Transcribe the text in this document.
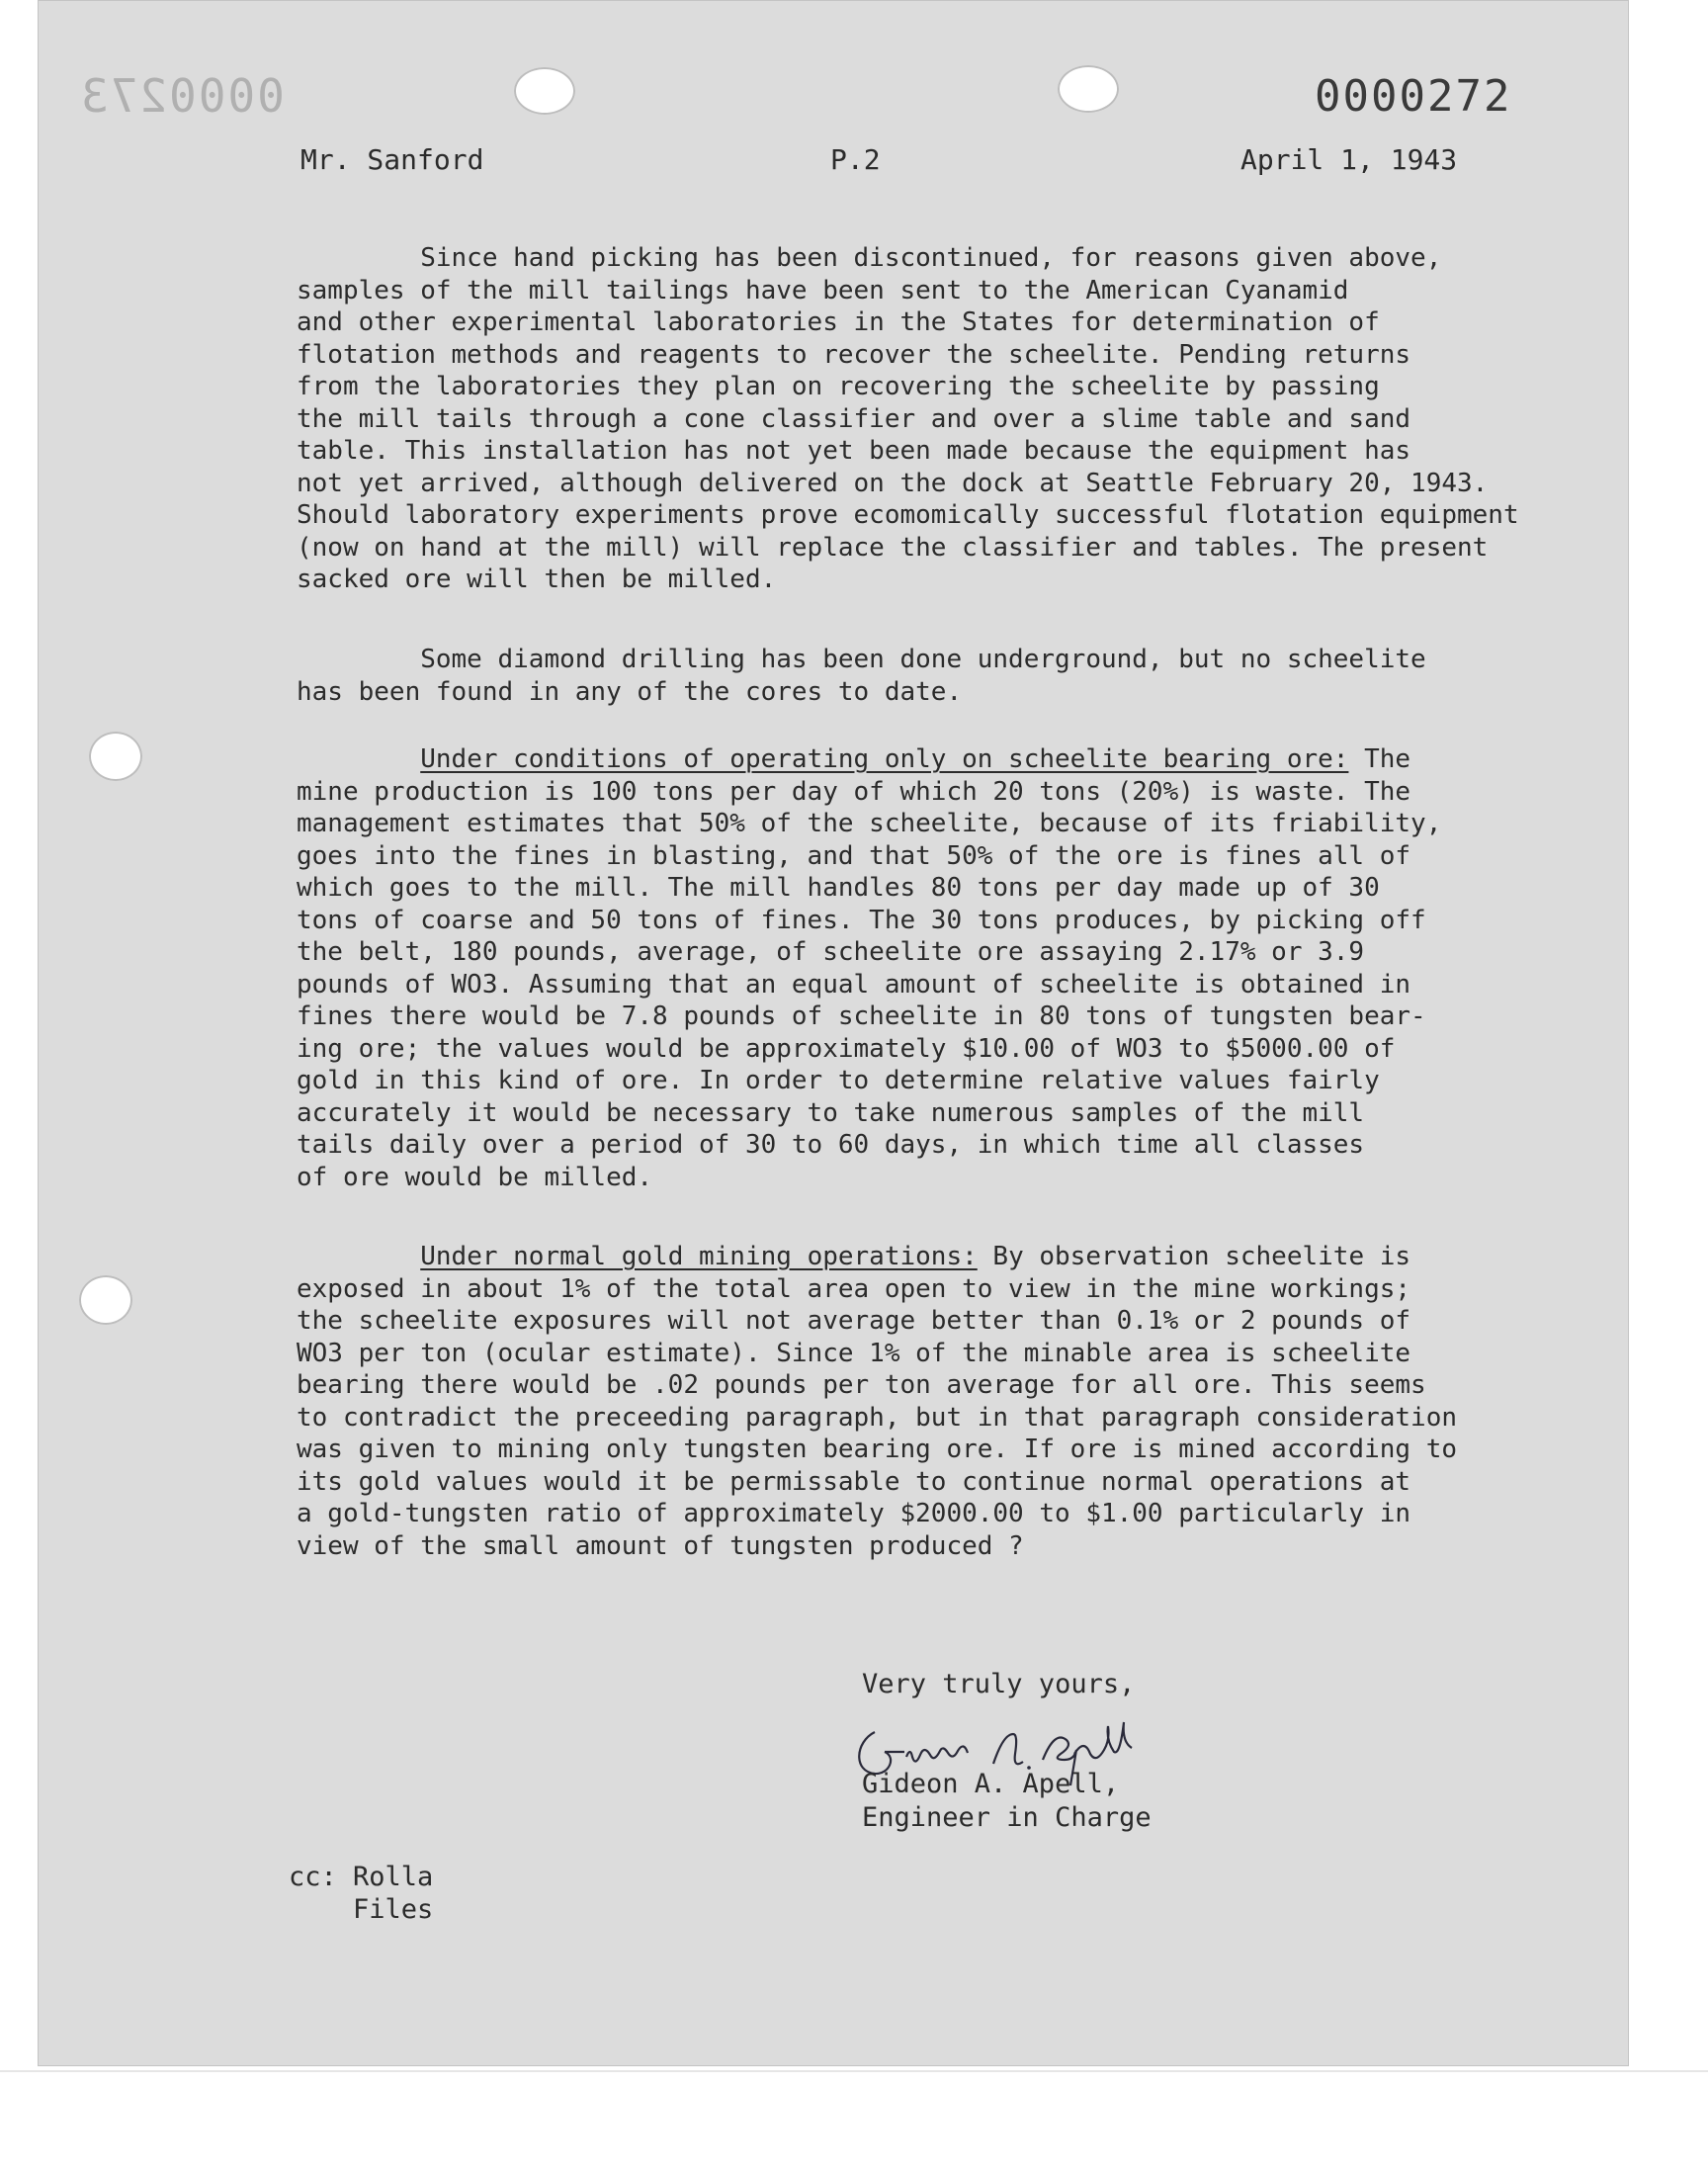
0000273	0000272
Mr. Sanford	P.2	April 1, 1943

Since hand picking has been discontinued, for reasons given above,
samples of the mill tailings have been sent to the American Cyanamid
and other experimental laboratories in the States for determination of
flotation methods and reagents to recover the scheelite. Pending returns
from the laboratories they plan on recovering the scheelite by passing
the mill tails through a cone classifier and over a slime table and sand
table. This installation has not yet been made because the equipment has
not yet arrived, although delivered on the dock at Seattle February 20, 1943.
Should laboratory experiments prove ecomomically successful flotation equipment
(now on hand at the mill) will replace the classifier and tables. The present
sacked ore will then be milled.

Some diamond drilling has been done underground, but no scheelite
has been found in any of the cores to date.

Under conditions of operating only on scheelite bearing ore: The
mine production is 100 tons per day of which 20 tons (20%) is waste. The
management estimates that 50% of the scheelite, because of its friability,
goes into the fines in blasting, and that 50% of the ore is fines all of
which goes to the mill. The mill handles 80 tons per day made up of 30
tons of coarse and 50 tons of fines. The 30 tons produces, by picking off
the belt, 180 pounds, average, of scheelite ore assaying 2.17% or 3.9
pounds of WO3. Assuming that an equal amount of scheelite is obtained in
fines there would be 7.8 pounds of scheelite in 80 tons of tungsten bear-
ing ore; the values would be approximately $10.00 of WO3 to $5000.00 of
gold in this kind of ore. In order to determine relative values fairly
accurately it would be necessary to take numerous samples of the mill
tails daily over a period of 30 to 60 days, in which time all classes
of ore would be milled.
Under normal gold mining operations: By observation scheelite is
exposed in about 1% of the total area open to view in the mine workings;
the scheelite exposures will not average better than 0.1% or 2 pounds of
WO3 per ton (ocular estimate). Since 1% of the minable area is scheelite
bearing there would be .02 pounds per ton average for all ore. This seems
to contradict the preceeding paragraph, but in that paragraph consideration
was given to mining only tungsten bearing ore. If ore is mined according to
its gold values would it be permissable to continue normal operations at
a gold-tungsten ratio of approximately $2000.00 to $1.00 particularly in
view of the small amount of tungsten produced ?
Very truly yours,

Gideon A. Apell,
Engineer in Charge

cc: Rolla
Files
